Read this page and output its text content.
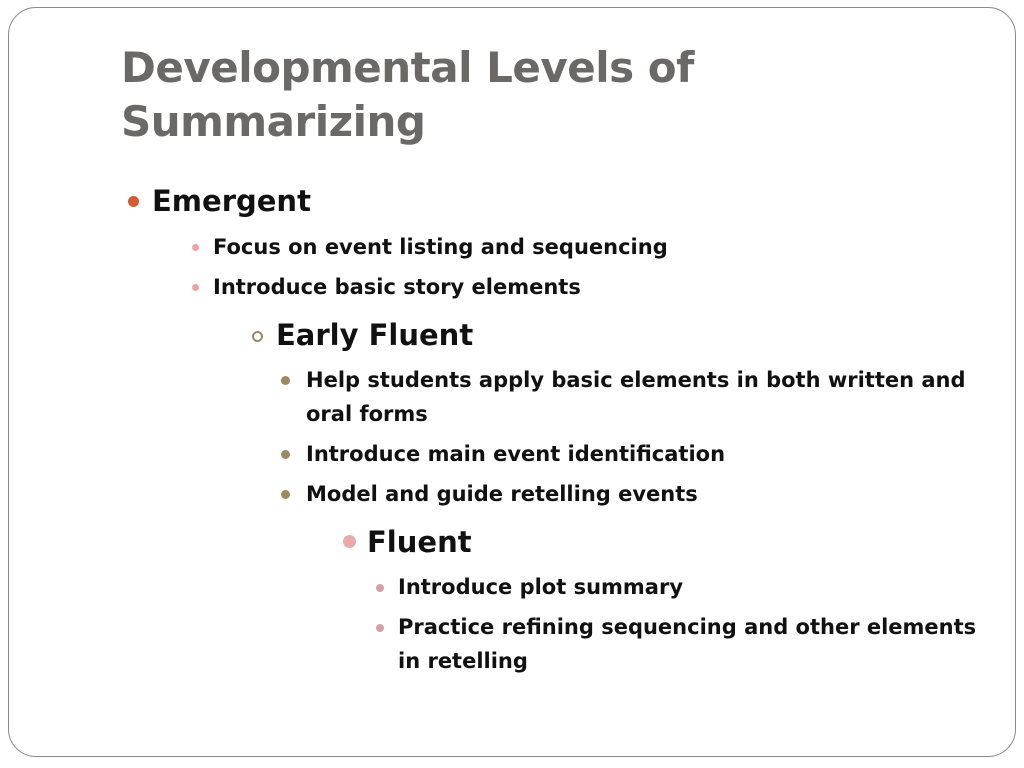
Developmental Levels of Summarizing
Emergent
Focus on event listing and sequencing
Introduce basic story elements
Early Fluent
Help students apply basic elements in both written and oral forms
Introduce main event identification
Model and guide retelling events
Fluent
Introduce plot summary
Practice refining sequencing and other elements in retelling
